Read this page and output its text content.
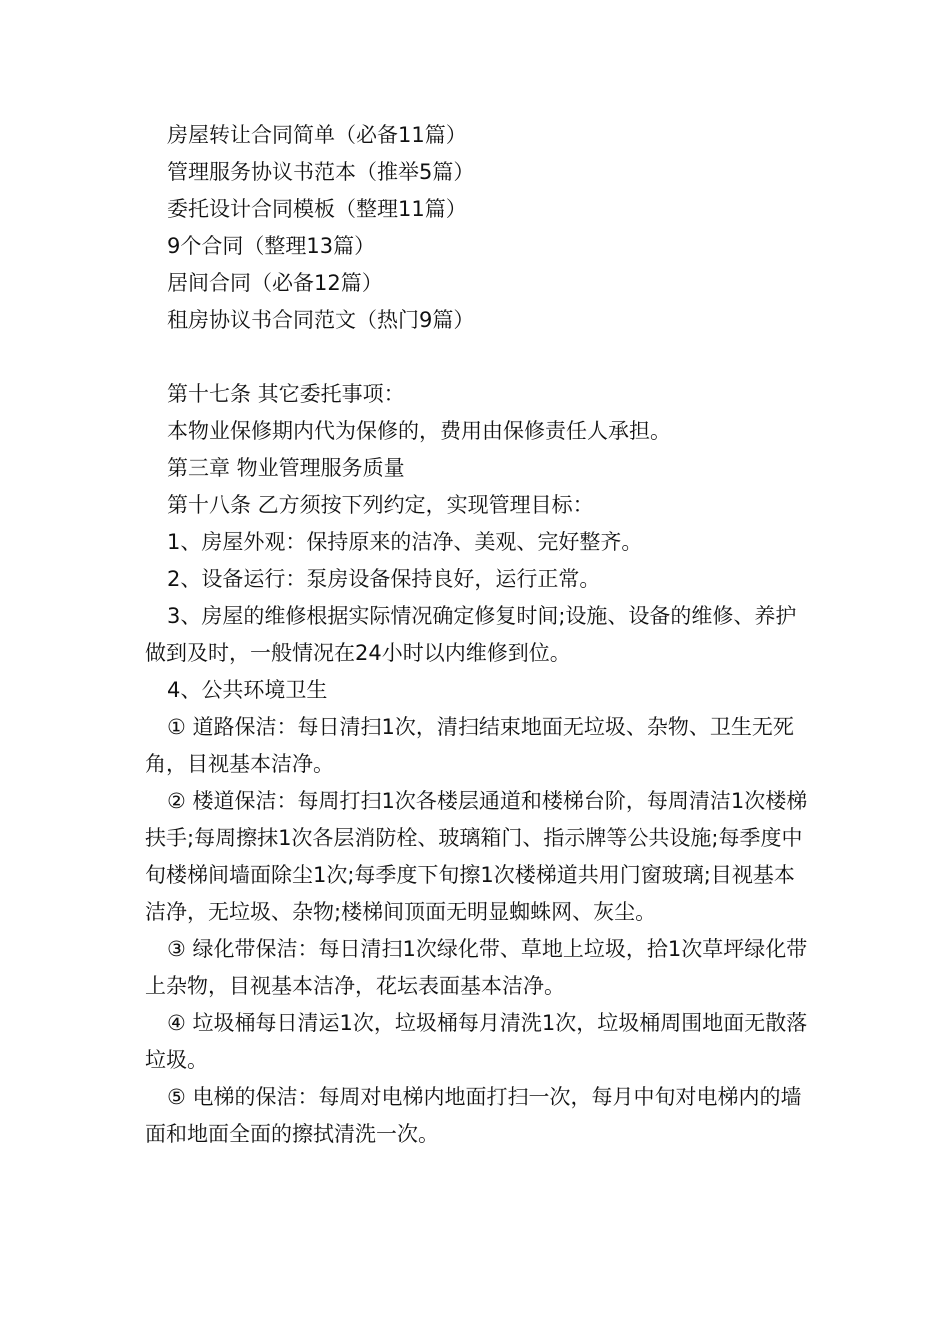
房屋转让合同简单（必备11篇）

管理服务协议书范本（推举5篇）

委托设计合同模板（整理11篇）

9个合同（整理13篇）

居间合同（必备12篇）

租房协议书合同范文（热门9篇）

第十七条 其它委托事项：

本物业保修期内代为保修的，费用由保修责任人承担。

第三章 物业管理服务质量

第十八条 乙方须按下列约定，实现管理目标：

1、房屋外观：保持原来的洁净、美观、完好整齐。

2、设备运行：泵房设备保持良好，运行正常。

3、房屋的维修根据实际情况确定修复时间;设施、设备的维修、养护做到及时，一般情况在24小时以内维修到位。

4、公共环境卫生

① 道路保洁：每日清扫1次，清扫结束地面无垃圾、杂物、卫生无死角，目视基本洁净。

② 楼道保洁：每周打扫1次各楼层通道和楼梯台阶，每周清洁1次楼梯扶手;每周擦抹1次各层消防栓、玻璃箱门、指示牌等公共设施;每季度中旬楼梯间墙面除尘1次;每季度下旬擦1次楼梯道共用门窗玻璃;目视基本洁净，无垃圾、杂物;楼梯间顶面无明显蜘蛛网、灰尘。

③ 绿化带保洁：每日清扫1次绿化带、草地上垃圾，拾1次草坪绿化带上杂物，目视基本洁净，花坛表面基本洁净。

④ 垃圾桶每日清运1次，垃圾桶每月清洗1次，垃圾桶周围地面无散落垃圾。

⑤ 电梯的保洁：每周对电梯内地面打扫一次，每月中旬对电梯内的墙面和地面全面的擦拭清洗一次。
